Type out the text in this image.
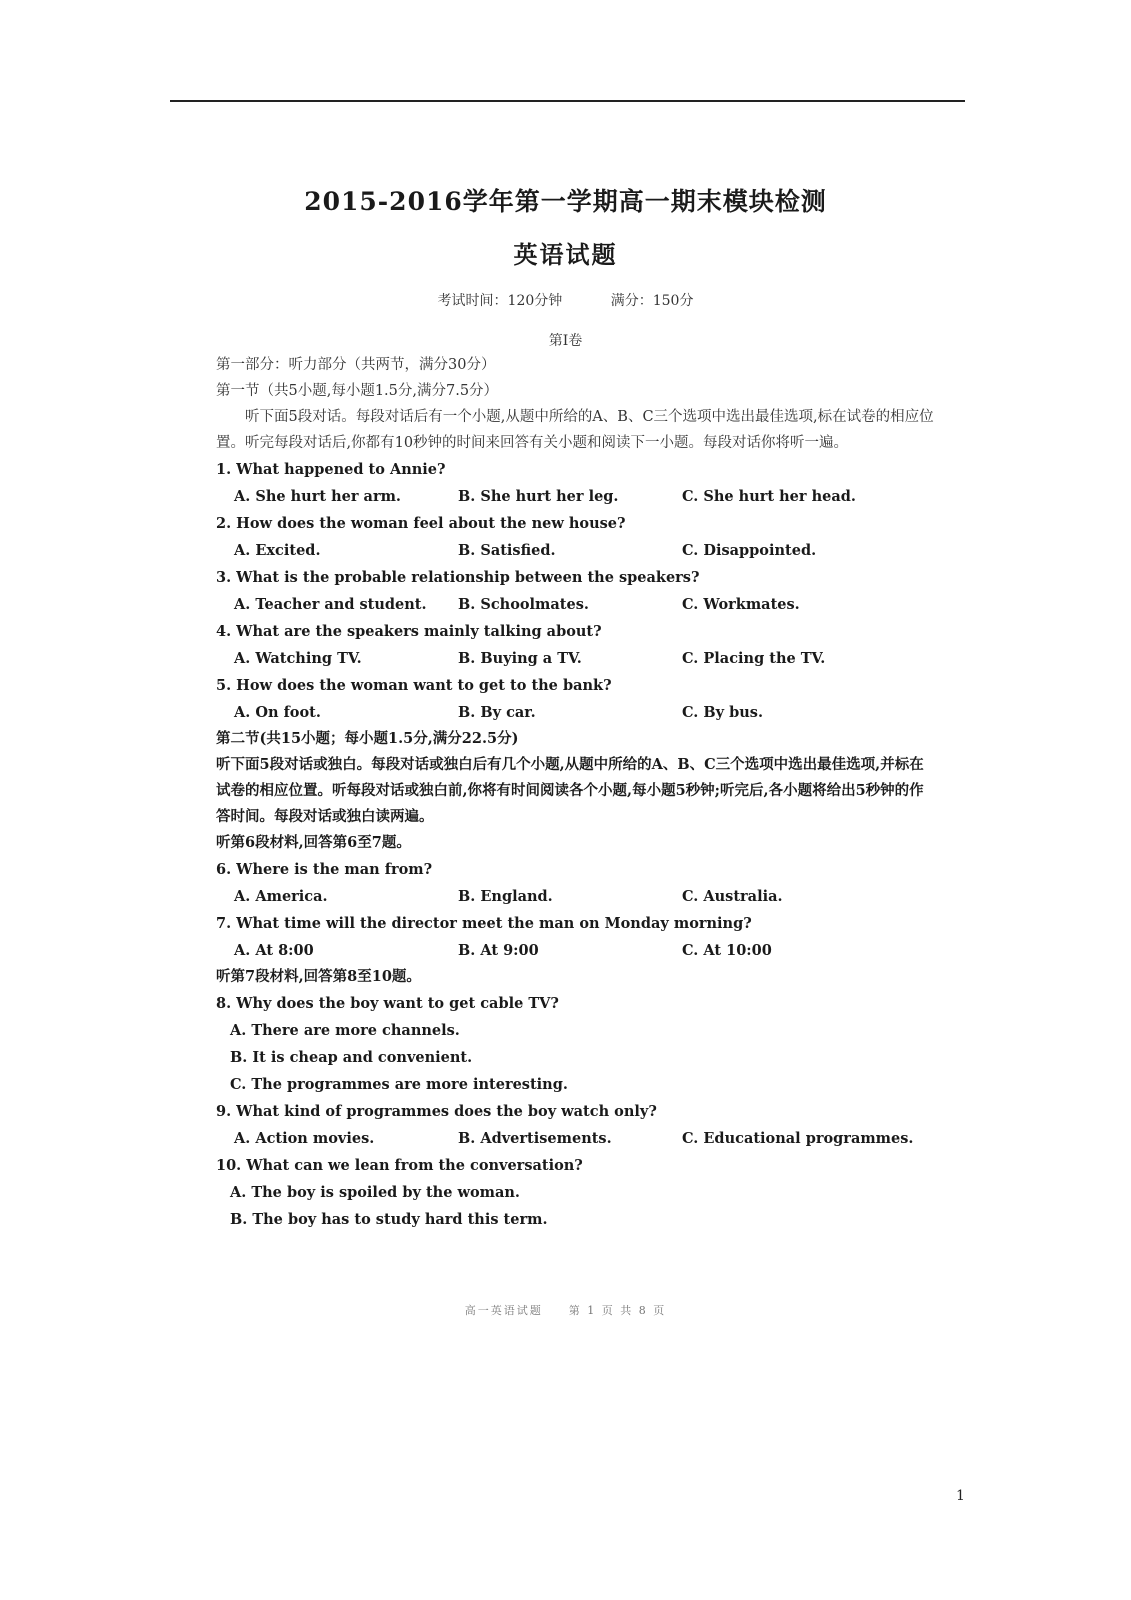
2015-2016学年第一学期高一期末模块检测
英语试题
考试时间：120分钟	满分：150分
第I卷
第一部分：听力部分（共两节，满分30分）
第一节（共5小题,每小题1.5分,满分7.5分）
听下面5段对话。每段对话后有一个小题,从题中所给的A、B、C三个选项中选出最佳选项,标在试卷的相应位置。听完每段对话后,你都有10秒钟的时间来回答有关小题和阅读下一小题。每段对话你将听一遍。
1. What happened to Annie?
A. She hurt her arm.	B. She hurt her leg.	C. She hurt her head.
2. How does the woman feel about the new house?
A. Excited.	B. Satisfied.	C. Disappointed.
3. What is the probable relationship between the speakers?
A. Teacher and student.	B. Schoolmates.	C. Workmates.
4. What are the speakers mainly talking about?
A. Watching TV.	B. Buying a TV.	C. Placing the TV.
5. How does the woman want to get to the bank?
A. On foot.	B. By car.	C. By bus.
第二节(共15小题；每小题1.5分,满分22.5分)
听下面5段对话或独白。每段对话或独白后有几个小题,从题中所给的A、B、C三个选项中选出最佳选项,并标在试卷的相应位置。听每段对话或独白前,你将有时间阅读各个小题,每小题5秒钟;听完后,各小题将给出5秒钟的作答时间。每段对话或独白读两遍。
听第6段材料,回答第6至7题。
6. Where is the man from?
A. America.	B. England.	C. Australia.
7. What time will the director meet the man on Monday morning?
A. At 8:00	B. At 9:00	C. At 10:00
听第7段材料,回答第8至10题。
8. Why does the boy want to get cable TV?
A. There are more channels.
B. It is cheap and convenient.
C. The programmes are more interesting.
9. What kind of programmes does the boy watch only?
A. Action movies.	B. Advertisements.	C. Educational programmes.
10. What can we lean from the conversation?
A. The boy is spoiled by the woman.
B. The boy has to study hard this term.
高一英语试题　　第 1 页 共 8 页
1
